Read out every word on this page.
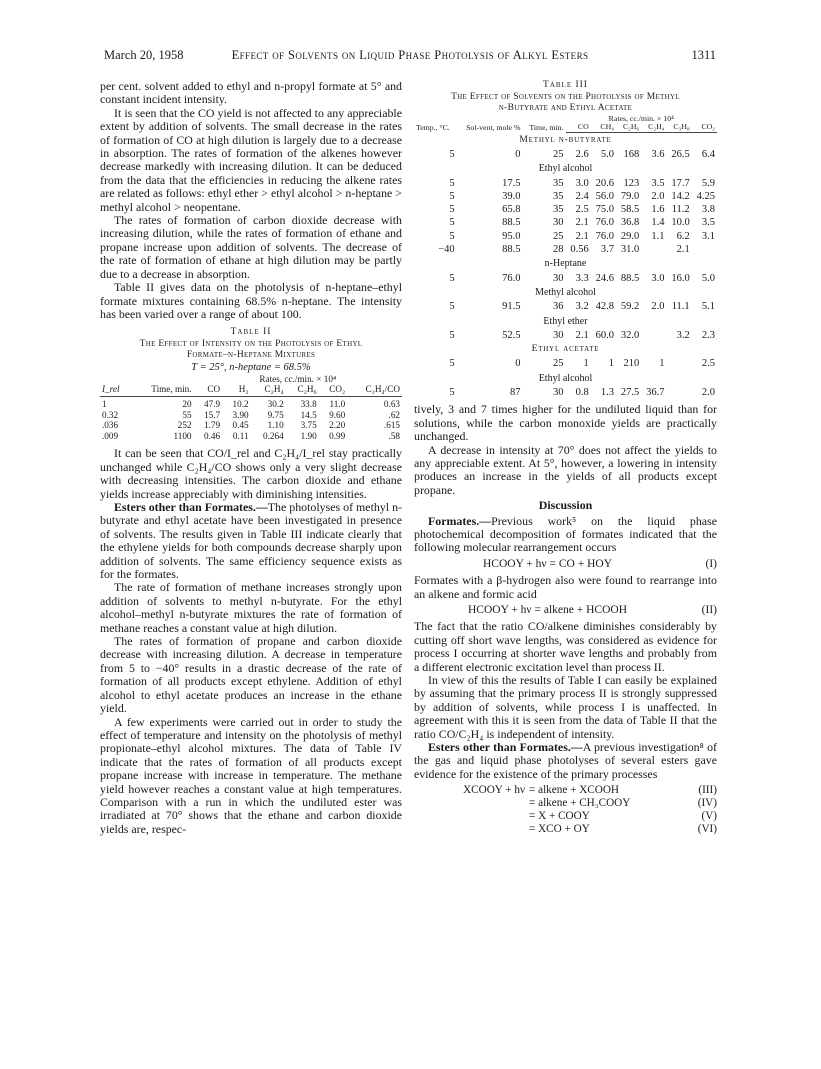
March 20, 1958	Effect of Solvents on Liquid Phase Photolysis of Alkyl Esters	1311

per cent. solvent added to ethyl and n-propyl formate at 5° and constant incident intensity.

It is seen that the CO yield is not affected to any appreciable extent by addition of solvents. The small decrease in the rates of formation of CO at high dilution is largely due to a decrease in absorption. The rates of formation of the alkenes however decrease markedly with increasing dilution. It can be deduced from the data that the efficiencies in reducing the alkene rates are related as follows: ethyl ether > ethyl alcohol > n-heptane > methyl alcohol > neopentane.

The rates of formation of carbon dioxide decrease with increasing dilution, while the rates of formation of ethane and propane increase upon addition of solvents. The decrease of the rate of formation of ethane at high dilution may be partly due to a decrease in absorption.

Table II gives data on the photolysis of n-heptane–ethyl formate mixtures containing 68.5% n-heptane. The intensity has been varied over a range of about 100.

Table II
The Effect of Intensity on the Photolysis of Ethyl
Formate–n-Heptane Mixtures
T = 25°, n-heptane = 68.5%
		Rates, cc./min. × 10⁴					
I_rel	Time, min.	CO	H₂	C₂H₄	C₂H₆	CO₂	C₂H₄/CO
1	20	47.9	10.2	30.2	33.8	11.0	0.63
0.32	55	15.7	3.90	9.75	14.5	9.60	.62
.036	252	1.79	0.45	1.10	3.75	2.20	.615
.009	1100	0.46	0.11	0.264	1.90	0.99	.58

It can be seen that CO/I_rel and C₂H₄/I_rel stay practically unchanged while C₂H₄/CO shows only a very slight decrease with decreasing intensities. The carbon dioxide and ethane yields increase appreciably with diminishing intensities.

Esters other than Formates.—The photolyses of methyl n-butyrate and ethyl acetate have been investigated in presence of solvents. The results given in Table III indicate clearly that the ethylene yields for both compounds decrease sharply upon addition of solvents. The same efficiency sequence exists as for the formates.

The rate of formation of methane increases strongly upon addition of solvents to methyl n-butyrate. For the ethyl alcohol–methyl n-butyrate mixtures the rate of formation of methane reaches a constant value at high dilution.

The rates of formation of propane and carbon dioxide decrease with increasing dilution. A decrease in temperature from 5 to −40° results in a drastic decrease of the rate of formation of all products except ethylene. Addition of ethyl alcohol to ethyl acetate produces an increase in the ethane yield.

A few experiments were carried out in order to study the effect of temperature and intensity on the photolysis of methyl propionate–ethyl alcohol mixtures. The data of Table IV indicate that the rates of formation of all products except propane increase with increase in temperature. The methane yield however reaches a constant value at high temperatures. Comparison with a run in which the undiluted ester was irradiated at 70° shows that the ethane and carbon dioxide yields are, respec-

Table III
The Effect of Solvents on the Photolysis of Methyl
n-Butyrate and Ethyl Acetate
Temp., °C.	Sol-vent, mole %	Time, min.	Rates, cc./min. × 10⁴					
			CO	CH₄	C₂H₆	C₂H₄	C₃H₈	CO₂
Methyl n-butyrate								
5	0	25	2.6	5.0	168	3.6	26.5	6.4
Ethyl alcohol								
5	17.5	35	3.0	20.6	123	3.5	17.7	5.9
5	39.0	35	2.4	56.0	79.0	2.0	14.2	4.25
5	65.8	35	2.5	75.0	58.5	1.6	11.2	3.8
5	88.5	30	2.1	76.0	36.8	1.4	10.0	3.5
5	95.0	25	2.1	76.0	29.0	1.1	6.2	3.1
−40	88.5	28	0.56	3.7	31.0		2.1	
n-Heptane								
5	76.0	30	3.3	24.6	88.5	3.0	16.0	5.0
Methyl alcohol								
5	91.5	36	3.2	42.8	59.2	2.0	11.1	5.1
Ethyl ether								
5	52.5	30	2.1	60.0	32.0		3.2	2.3
Ethyl acetate								
5	0	25	1	1	210	1		2.5
Ethyl alcohol								
5	87	30	0.8	1.3	27.5	36.7		2.0

tively, 3 and 7 times higher for the undiluted liquid than for solutions, while the carbon monoxide yields are practically unchanged.

A decrease in intensity at 70° does not affect the yields to any appreciable extent. At 5°, however, a lowering in intensity produces an increase in the yields of all products except propane.

Discussion

Formates.—Previous work⁵ on the liquid phase photochemical decomposition of formates indicated that the following molecular rearrangement occurs

HCOOY + hν = CO + HOY	(I)

Formates with a β-hydrogen also were found to rearrange into an alkene and formic acid

HCOOY + hν = alkene + HCOOH	(II)

The fact that the ratio CO/alkene diminishes considerably by cutting off short wave lengths, was considered as evidence for process I occurring at shorter wave lengths and probably from a different electronic excitation level than process II.

In view of this the results of Table I can easily be explained by assuming that the primary process II is strongly suppressed by addition of solvents, while process I is unaffected. In agreement with this it is seen from the data of Table II that the ratio CO/C₂H₄ is independent of intensity.

Esters other than Formates.—A previous investigation⁸ of the gas and liquid phase photolyses of several esters gave evidence for the existence of the primary processes

XCOOY + hν = alkene + XCOOH	(III)
= alkene + CH₃COOY	(IV)
= X + COOY	(V)
= XCO + OY	(VI)
